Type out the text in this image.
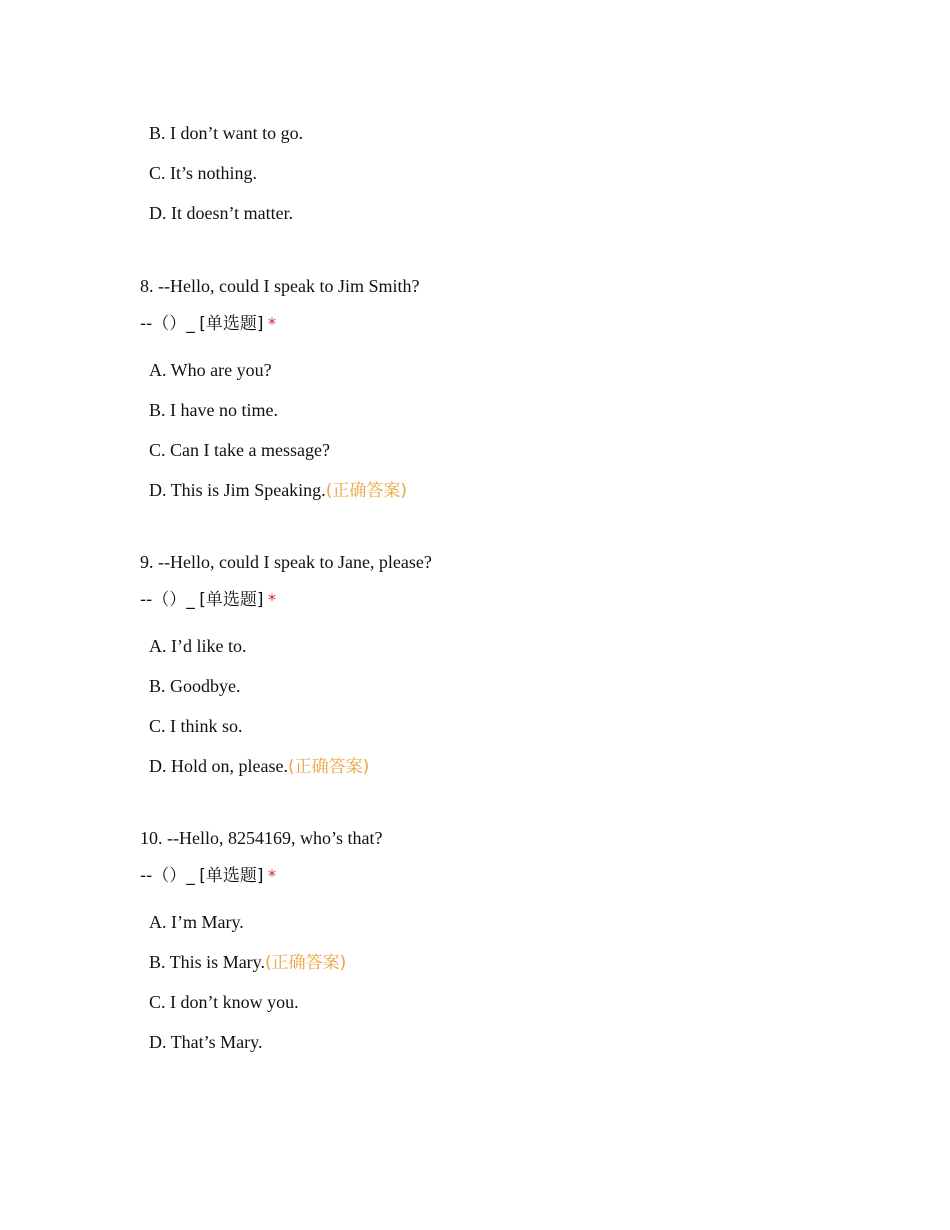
B. I don’t want to go.
C. It’s nothing.
D. It doesn’t matter.
8. --Hello, could I speak to Jim Smith?
--（）_ [单选题] *
A. Who are you?
B. I have no time.
C. Can I take a message?
D. This is Jim Speaking.(正确答案)
9. --Hello, could I speak to Jane, please?
--（）_ [单选题] *
A. I’d like to.
B. Goodbye.
C. I think so.
D. Hold on, please.(正确答案)
10. --Hello, 8254169, who’s that?
--（）_ [单选题] *
A. I’m Mary.
B. This is Mary.(正确答案)
C. I don’t know you.
D. That’s Mary.
